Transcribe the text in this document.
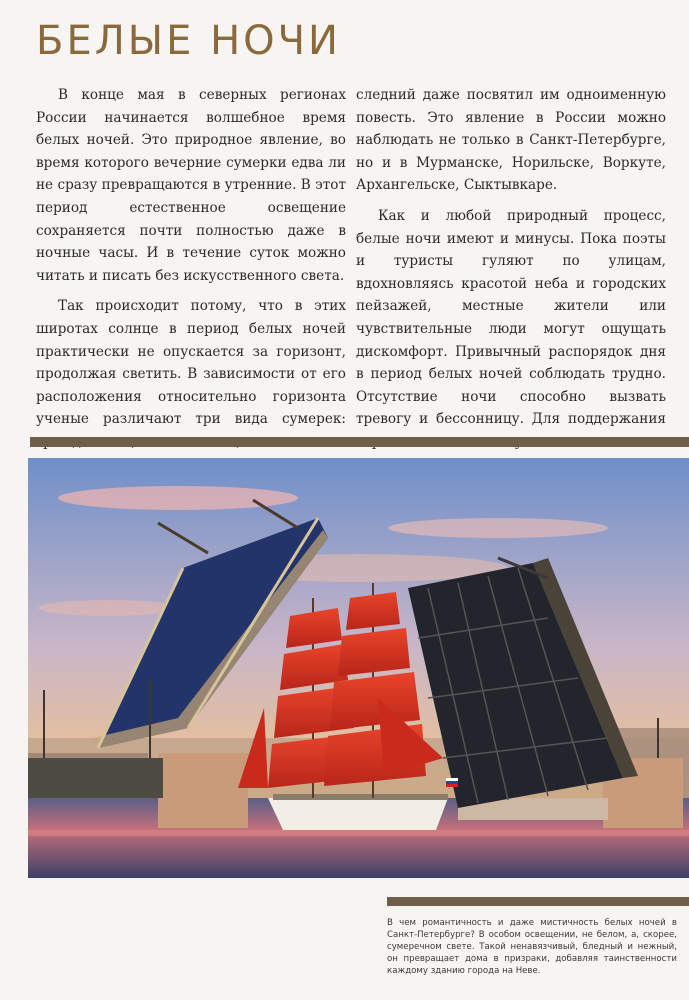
БЕЛЫЕ НОЧИ

В конце мая в северных регионах России начинается волшебное время белых ночей. Это природное явление, во время которого вечерние сумерки едва ли не сразу превращаются в утренние. В этот период естественное освещение сохраняется почти полностью даже в ночные часы. И в течение суток можно читать и писать без искусственного света.

Так происходит потому, что в этих широтах солнце в период белых ночей практически не опускается за горизонт, продолжая светить. В зависимости от его расположения относительно горизонта ученые различают три вида сумерек:

следний даже посвятил им одноименную повесть. Это явление в России можно наблюдать не только в Санкт-Петербурге, но и в Мурманске, Норильске, Воркуте, Архангельске, Сыктывкаре.

Как и любой природный процесс, белые ночи имеют и минусы. Пока поэты и туристы гуляют по улицам, вдохновляясь красотой неба и городских пейзажей, местные жители или чувствительные люди могут ощущать дискомфорт. Привычный распорядок дня в период белых ночей соблюдать трудно. Отсутствие ночи способно вызвать тревогу и бессонницу. Для поддержания

В чем романтичность и даже мистичность белых ночей в Санкт-Петербурге? В особом освещении, не белом, а, скорее, сумеречном свете. Такой ненавязчивый, бледный и нежный, он превращает дома в призраки, добавляя таинственности каждому зданию города на Неве.
